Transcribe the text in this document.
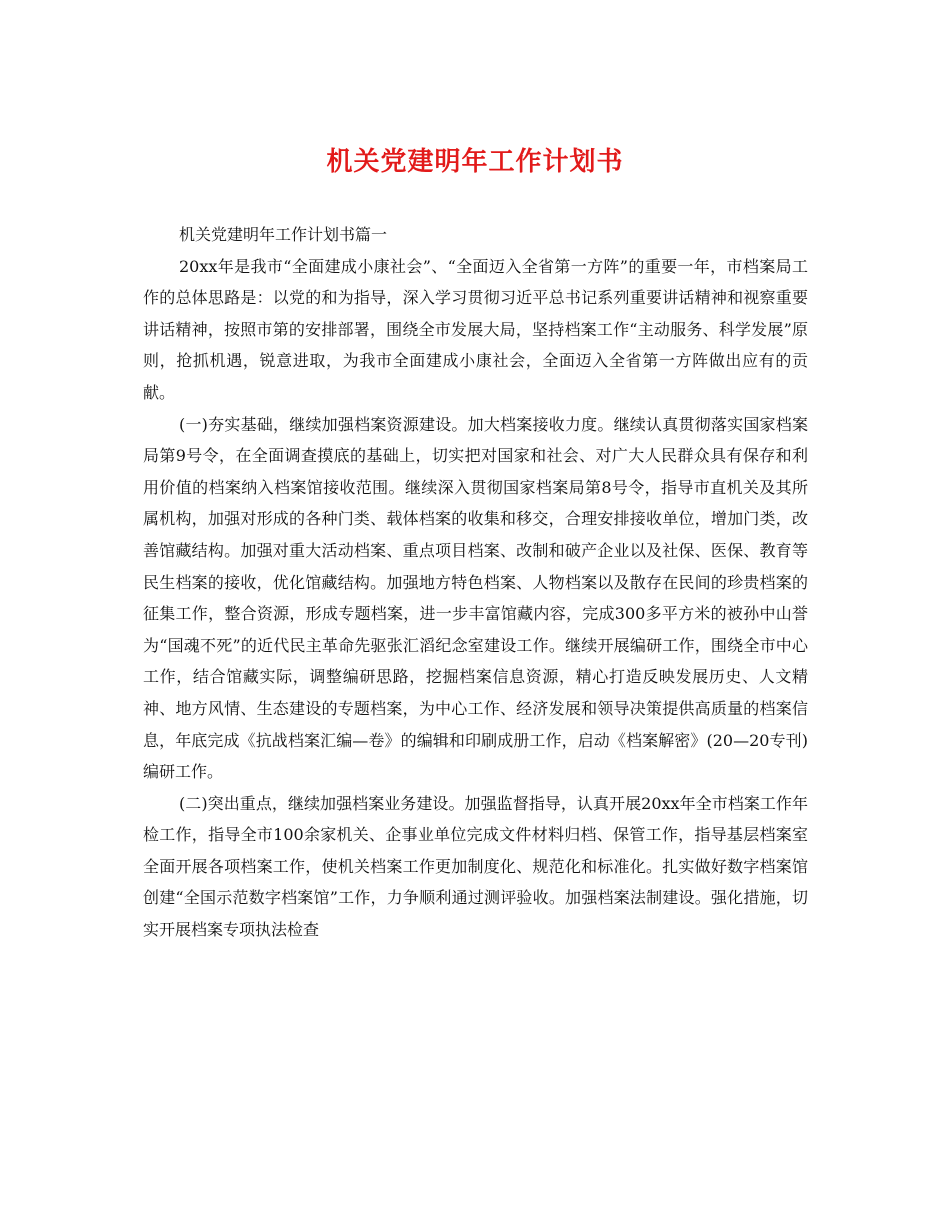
机关党建明年工作计划书

机关党建明年工作计划书篇一

20xx年是我市“全面建成小康社会”、“全面迈入全省第一方阵”的重要一年，市档案局工作的总体思路是：以党的和为指导，深入学习贯彻习近平总书记系列重要讲话精神和视察重要讲话精神，按照市第的安排部署，围绕全市发展大局，坚持档案工作“主动服务、科学发展”原则，抢抓机遇，锐意进取，为我市全面建成小康社会，全面迈入全省第一方阵做出应有的贡献。

(一)夯实基础，继续加强档案资源建设。加大档案接收力度。继续认真贯彻落实国家档案局第9号令，在全面调查摸底的基础上，切实把对国家和社会、对广大人民群众具有保存和利用价值的档案纳入档案馆接收范围。继续深入贯彻国家档案局第8号令，指导市直机关及其所属机构，加强对形成的各种门类、载体档案的收集和移交，合理安排接收单位，增加门类，改善馆藏结构。加强对重大活动档案、重点项目档案、改制和破产企业以及社保、医保、教育等民生档案的接收，优化馆藏结构。加强地方特色档案、人物档案以及散存在民间的珍贵档案的征集工作，整合资源，形成专题档案，进一步丰富馆藏内容，完成300多平方米的被孙中山誉为“国魂不死”的近代民主革命先驱张汇滔纪念室建设工作。继续开展编研工作，围绕全市中心工作，结合馆藏实际，调整编研思路，挖掘档案信息资源，精心打造反映发展历史、人文精神、地方风情、生态建设的专题档案，为中心工作、经济发展和领导决策提供高质量的档案信息，年底完成《抗战档案汇编—卷》的编辑和印刷成册工作，启动《档案解密》(20—20专刊)编研工作。

(二)突出重点，继续加强档案业务建设。加强监督指导，认真开展20xx年全市档案工作年检工作，指导全市100余家机关、企事业单位完成文件材料归档、保管工作，指导基层档案室全面开展各项档案工作，使机关档案工作更加制度化、规范化和标准化。扎实做好数字档案馆创建“全国示范数字档案馆”工作，力争顺利通过测评验收。加强档案法制建设。强化措施，切实开展档案专项执法检查
